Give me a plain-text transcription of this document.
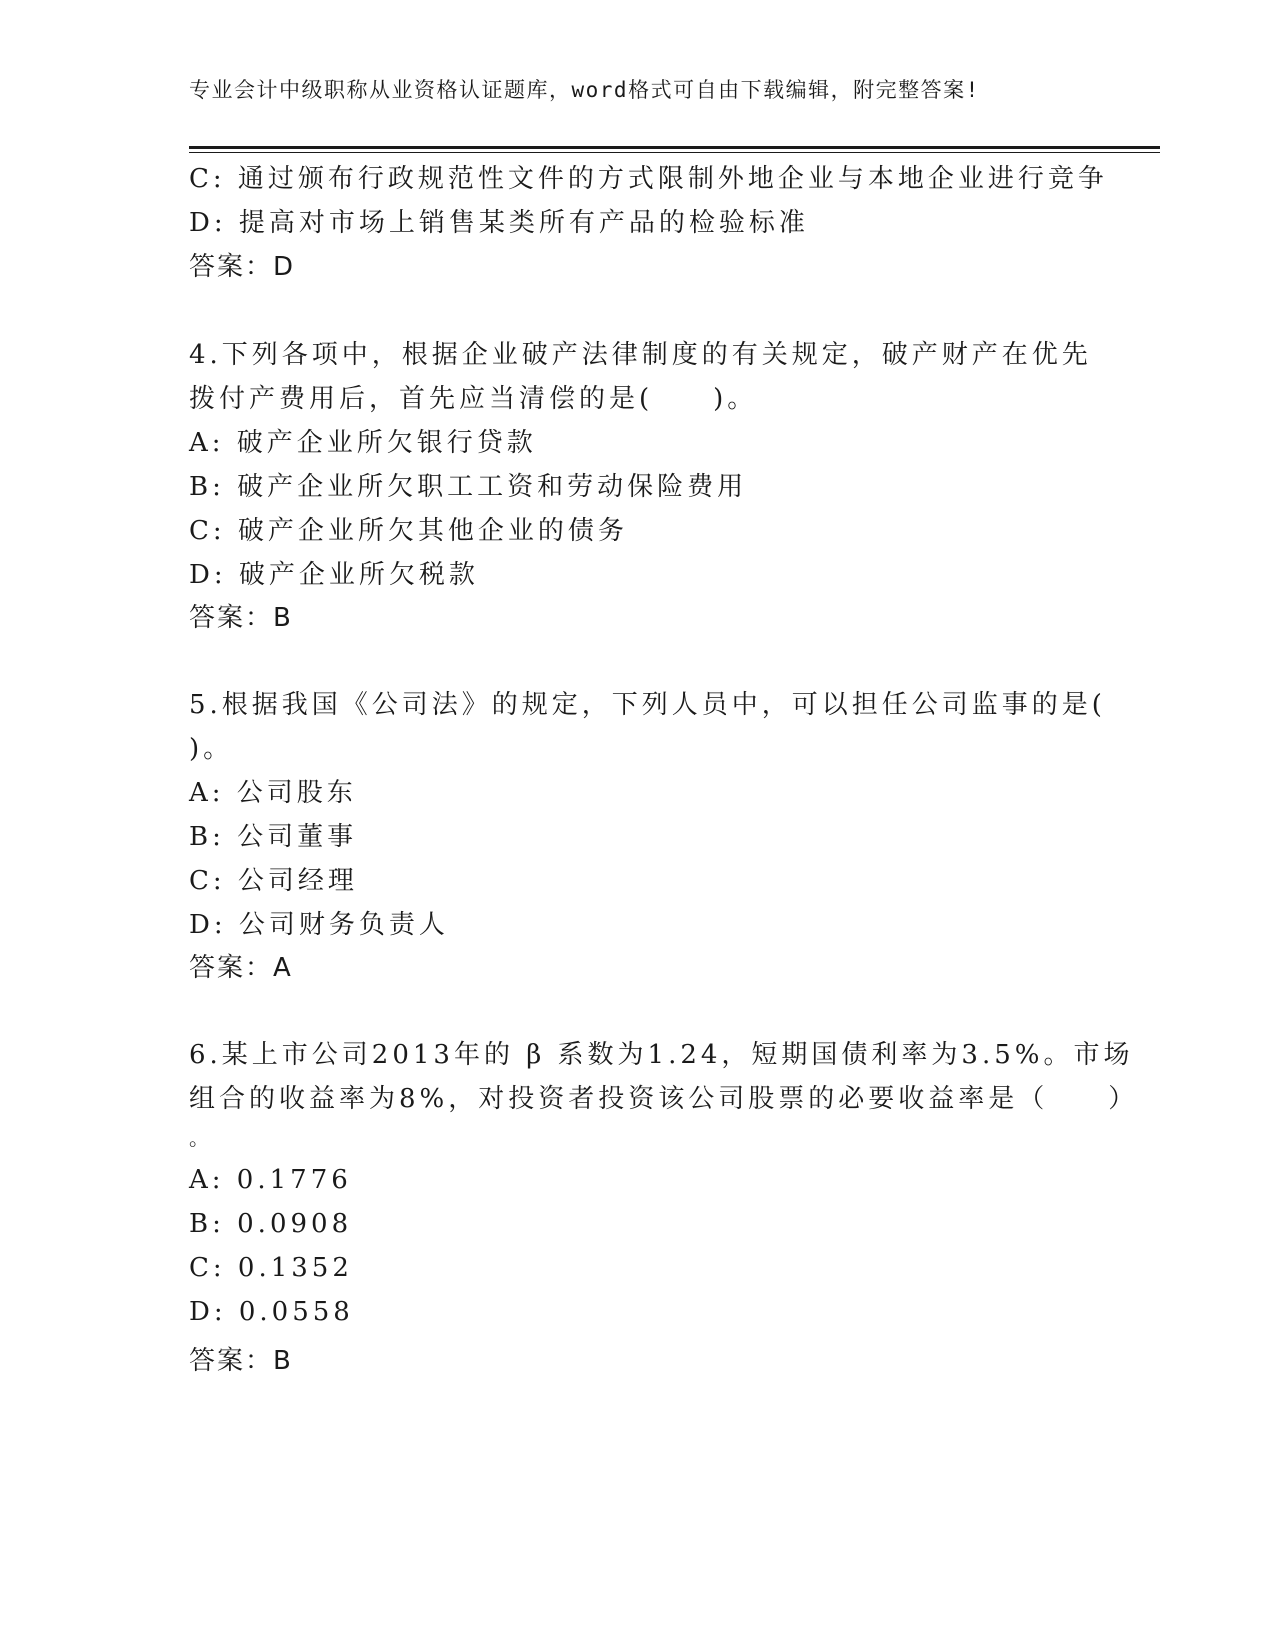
专业会计中级职称从业资格认证题库，word格式可自由下载编辑，附完整答案!
C: 通过颁布行政规范性文件的方式限制外地企业与本地企业进行竞争
D: 提高对市场上销售某类所有产品的检验标准
答案：D
4.下列各项中，根据企业破产法律制度的有关规定，破产财产在优先
拨付产费用后，首先应当清偿的是(　　)。
A: 破产企业所欠银行贷款
B: 破产企业所欠职工工资和劳动保险费用
C: 破产企业所欠其他企业的债务
D: 破产企业所欠税款
答案：B
5.根据我国《公司法》的规定，下列人员中，可以担任公司监事的是(
)。
A: 公司股东
B: 公司董事
C: 公司经理
D: 公司财务负责人
答案：A
6.某上市公司2013年的 β 系数为1.24，短期国债利率为3.5%。市场
组合的收益率为8%，对投资者投资该公司股票的必要收益率是（　　）
。
A: 0.1776
B: 0.0908
C: 0.1352
D: 0.0558
答案：B
